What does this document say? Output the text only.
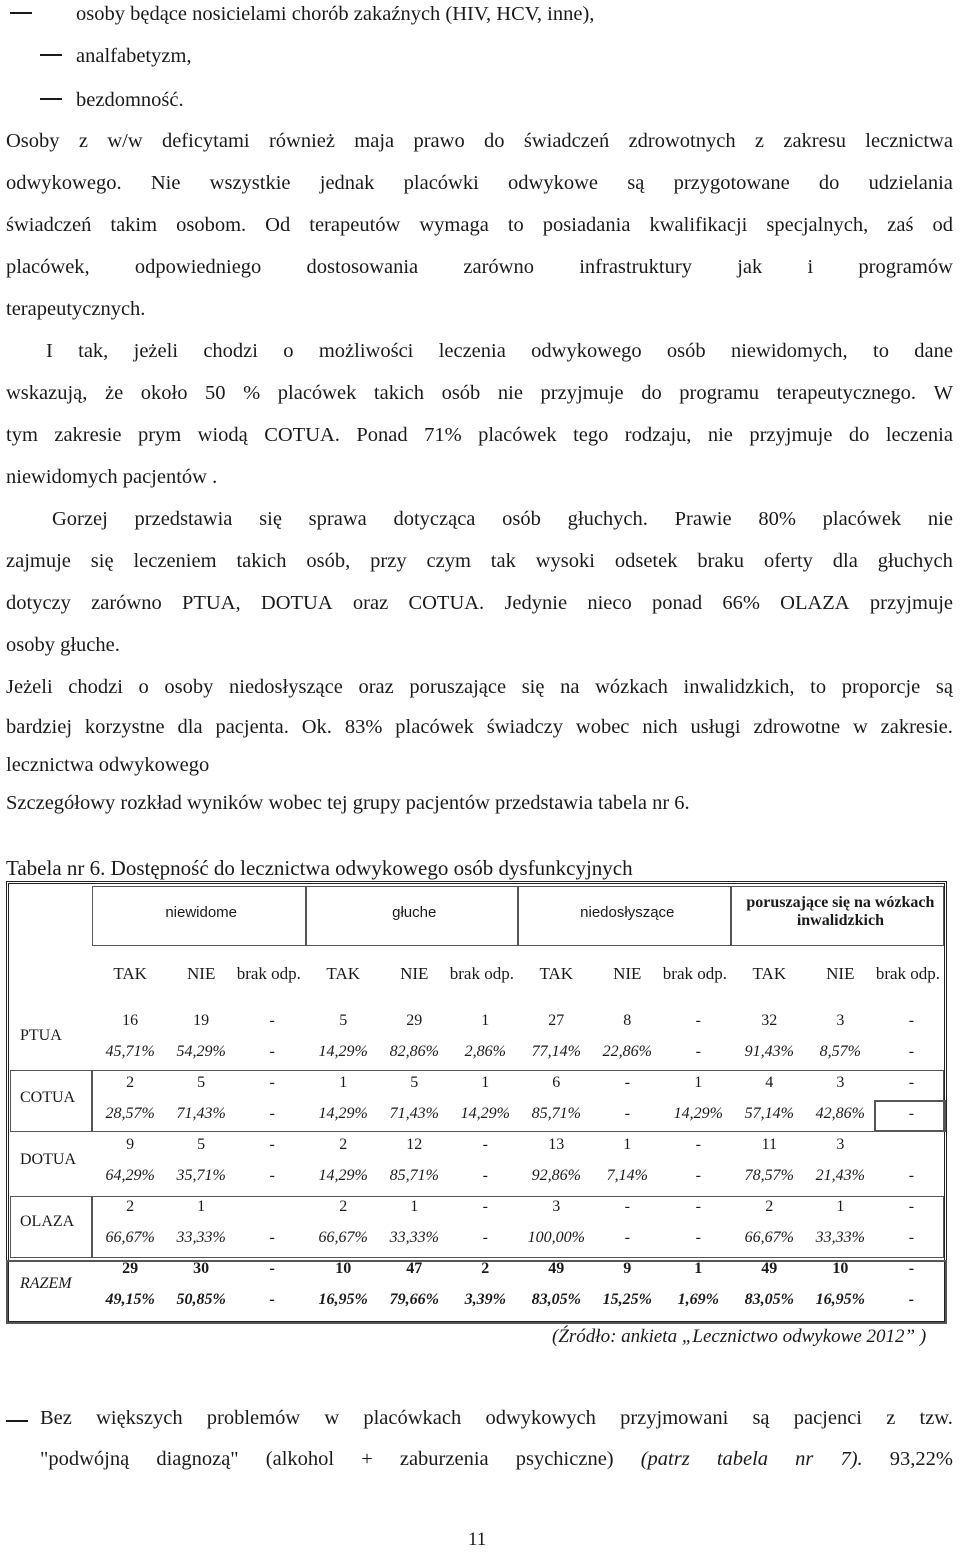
osoby będące nosicielami chorób zakaźnych (HIV, HCV, inne),
analfabetyzm,
bezdomność.
Osoby z w/w deficytami również maja prawo do świadczeń zdrowotnych z zakresu lecznictwa
odwykowego. Nie wszystkie jednak placówki odwykowe są przygotowane do udzielania
świadczeń takim osobom. Od terapeutów wymaga to posiadania kwalifikacji specjalnych, zaś od
placówek, odpowiedniego dostosowania zarówno infrastruktury jak i programów
terapeutycznych.
I tak, jeżeli chodzi o możliwości leczenia odwykowego osób niewidomych, to dane
wskazują, że około 50 % placówek takich osób nie przyjmuje do programu terapeutycznego. W
tym zakresie prym wiodą COTUA. Ponad 71% placówek tego rodzaju, nie przyjmuje do leczenia
niewidomych pacjentów .
Gorzej przedstawia się sprawa dotycząca osób głuchych. Prawie 80% placówek nie
zajmuje się leczeniem takich osób, przy czym tak wysoki odsetek braku oferty dla głuchych
dotyczy zarówno PTUA, DOTUA oraz COTUA. Jedynie nieco ponad 66% OLAZA przyjmuje
osoby głuche.
Jeżeli chodzi o osoby niedosłyszące oraz poruszające się na wózkach inwalidzkich, to proporcje są
bardziej korzystne dla pacjenta. Ok. 83% placówek świadczy wobec nich usługi zdrowotne w zakresie.
lecznictwa odwykowego
Szczegółowy rozkład wyników wobec tej grupy pacjentów przedstawia tabela nr 6.
Tabela nr 6. Dostępność do lecznictwa odwykowego osób dysfunkcyjnych
	niewidome			głuche			niedosłyszące			poruszające się na wózkach inwalidzkich		
	TAK	NIE	brak odp.	TAK	NIE	brak odp.	TAK	NIE	brak odp.	TAK	NIE	brak odp.
PTUA	16	19	-	5	29	1	27	8	-	32	3	-
	45,71%	54,29%	-	14,29%	82,86%	2,86%	77,14%	22,86%	-	91,43%	8,57%	-
COTUA	2	5	-	1	5	1	6	-	1	4	3	-
	28,57%	71,43%	-	14,29%	71,43%	14,29%	85,71%	-	14,29%	57,14%	42,86%	-
DOTUA	9	5	-	2	12	-	13	1	-	11	3	
	64,29%	35,71%	-	14,29%	85,71%	-	92,86%	7,14%	-	78,57%	21,43%	-
OLAZA	2	1		2	1	-	3	-	-	2	1	-
	66,67%	33,33%	-	66,67%	33,33%	-	100,00%	-	-	66,67%	33,33%	-
RAZEM	29	30	-	10	47	2	49	9	1	49	10	-
	49,15%	50,85%	-	16,95%	79,66%	3,39%	83,05%	15,25%	1,69%	83,05%	16,95%	-
(Źródło: ankieta „Lecznictwo odwykowe 2012” )
Bez większych problemów w placówkach odwykowych przyjmowani są pacjenci z tzw.
"podwójną diagnozą" (alkohol + zaburzenia psychiczne) (patrz tabela nr 7). 93,22%
11
